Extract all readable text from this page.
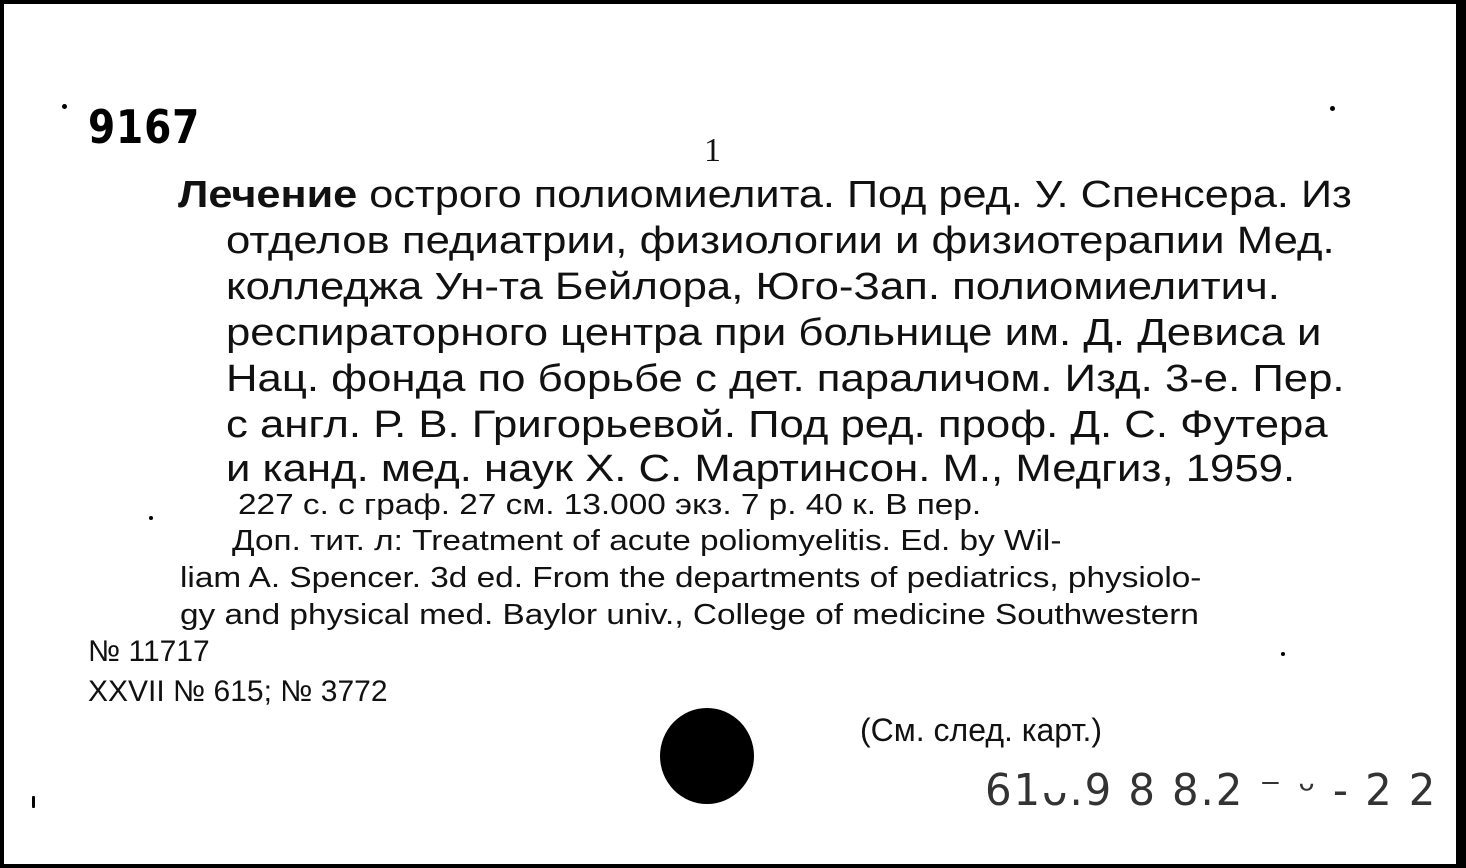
9167	1
Лечение острого полиомиелита. Под ред. У. Спенсера. Из
отделов педиатрии, физиологии и физиотерапии Мед.
колледжа Ун-та Бейлора, Юго-Зап. полиомиелитич.
респираторного центра при больнице им. Д. Девиса и
Нац. фонда по борьбе с дет. параличом. Изд. 3-е. Пер.
с англ. Р. В. Григорьевой. Под ред. проф. Д. С. Футера
и канд. мед. наук Х. С. Мартинсон. М., Медгиз, 1959.
227 с. с граф. 27 см. 13.000 экз. 7 р. 40 к. В пер.
Доп. тит. л: Treatment of acute poliomyelitis. Ed. by Wil-
liam A. Spencer. 3d ed. From the departments of pediatrics, physiolo-
gy and physical med. Baylor univ., College of medicine Southwestern
№ 11717
XXVII № 615; № 3772
(См. след. карт.)
61ᴗ.9 8 8.2 ⁻ ᵕ - 2 2
